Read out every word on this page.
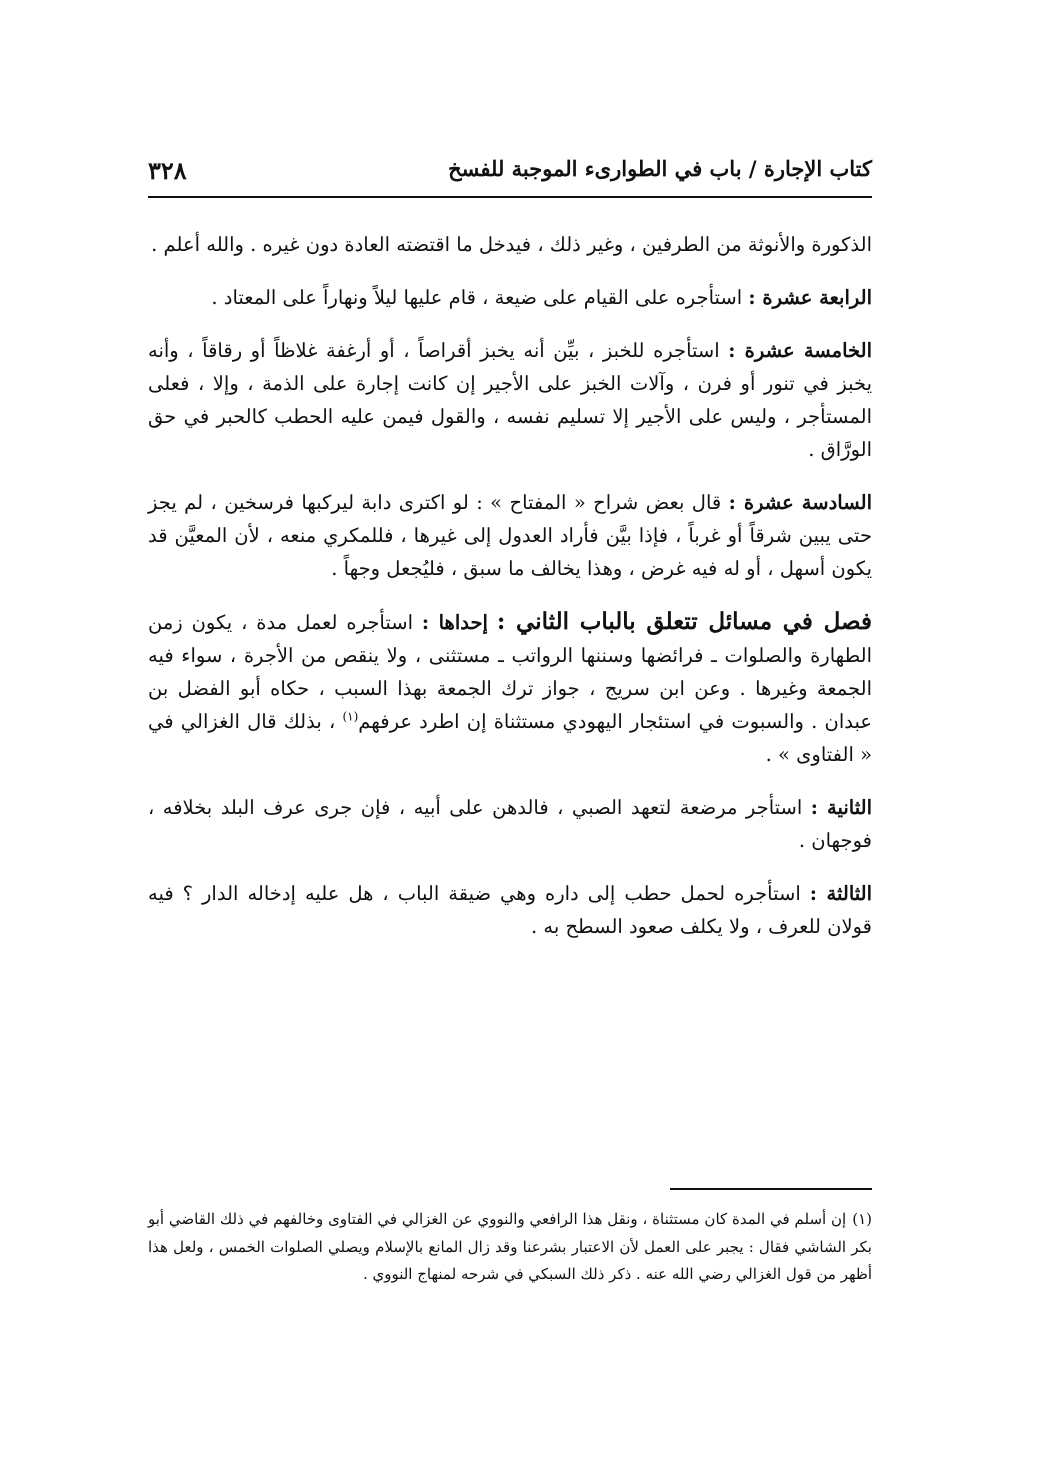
كتاب الإجارة / باب في الطوارىء الموجبة للفسخ
٣٢٨

الذكورة والأنوثة من الطرفين ، وغير ذلك ، فيدخل ما اقتضته العادة دون غيره . والله أعلم .

الرابعة عشرة : استأجره على القيام على ضيعة ، قام عليها ليلاً ونهاراً على المعتاد .

الخامسة عشرة : استأجره للخبز ، بيِّن أنه يخبز أقراصاً ، أو أرغفة غلاظاً أو رقاقاً ، وأنه يخبز في تنور أو فرن ، وآلات الخبز على الأجير إن كانت إجارة على الذمة ، وإلا ، فعلى المستأجر ، وليس على الأجير إلا تسليم نفسه ، والقول فيمن عليه الحطب كالحبر في حق الورَّاق .

السادسة عشرة : قال بعض شراح « المفتاح » : لو اكترى دابة ليركبها فرسخين ، لم يجز حتى يبين شرقاً أو غرباً ، فإذا بيَّن فأراد العدول إلى غيرها ، فللمكري منعه ، لأن المعيَّن قد يكون أسهل ، أو له فيه غرض ، وهذا يخالف ما سبق ، فليُجعل وجهاً .

فصل في مسائل تتعلق بالباب الثاني : إحداها : استأجره لعمل مدة ، يكون زمن الطهارة والصلوات ـ فرائضها وسننها الرواتب ـ مستثنى ، ولا ينقص من الأجرة ، سواء فيه الجمعة وغيرها . وعن ابن سريج ، جواز ترك الجمعة بهذا السبب ، حكاه أبو الفضل بن عبدان . والسبوت في استئجار اليهودي مستثناة إن اطرد عرفهم$^{(١)}$ ، بذلك قال الغزالي في « الفتاوى » .

الثانية : استأجر مرضعة لتعهد الصبي ، فالدهن على أبيه ، فإن جرى عرف البلد بخلافه ، فوجهان .

الثالثة : استأجره لحمل حطب إلى داره وهي ضيقة الباب ، هل عليه إدخاله الدار ؟ فيه قولان للعرف ، ولا يكلف صعود السطح به .

(١)إن أسلم في المدة كان مستثناة ، ونقل هذا الرافعي والنووي عن الغزالي في الفتاوى وخالفهم في ذلك القاضي أبو بكر الشاشي فقال : يجبر على العمل لأن الاعتبار بشرعنا وقد زال المانع بالإسلام ويصلي الصلوات الخمس ، ولعل هذا أظهر من قول الغزالي رضي الله عنه . ذكر ذلك السبكي في شرحه لمنهاج النووي .
